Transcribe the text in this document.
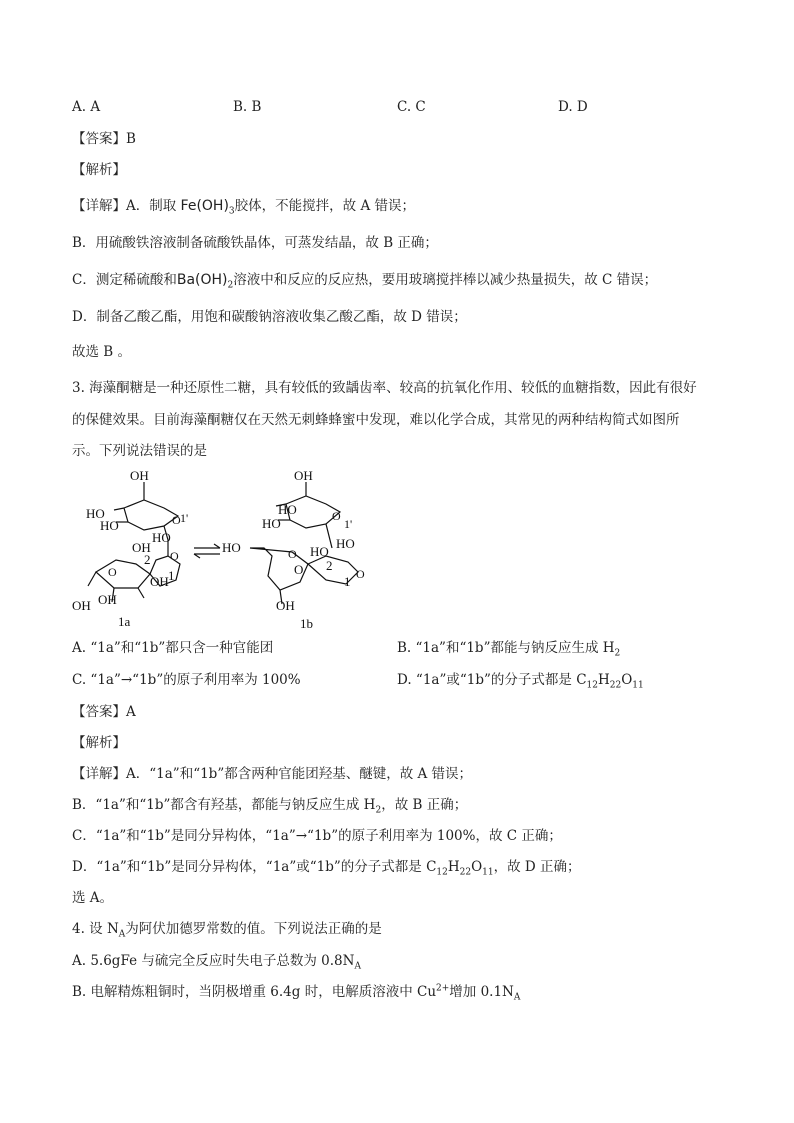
A. A	B. B	C. C	D. D
【答案】B
【解析】
【详解】A．制取 $Fe(OH)_3$胶体，不能搅拌，故 A 错误；
B．用硫酸铁溶液制备硫酸铁晶体，可蒸发结晶，故 B 正确；
C．测定稀硫酸和$Ba(OH)_2$溶液中和反应的反应热，要用玻璃搅拌棒以减少热量损失，故 C 错误；
D．制备乙酸乙酯，用饱和碳酸钠溶液收集乙酸乙酯，故 D 错误；
故选 B 。
3. 海藻酮糖是一种还原性二糖，具有较低的致龋齿率、较高的抗氧化作用、较低的血糖指数，因此有很好
的保健效果。目前海藻酮糖仅在天然无刺蜂蜂蜜中发现，难以化学合成，其常见的两种结构简式如图所
示。下列说法错误的是
OH
HO
HO	O 1'
HO
OH
2 O
O	1
OH
OH OH
1a
OH
HO
HO	O
1'
HO
HO
2
HO	O
O	O
1
OH
1b
A. “1a”和“1b”都只含一种官能团	B. “1a”和“1b”都能与钠反应生成 $H_2$
C. “1a”→“1b”的原子利用率为 100%	D. “1a”或“1b”的分子式都是 $C_{12}H_{22}O_{11}$
【答案】A
【解析】
【详解】A．“1a”和“1b”都含两种官能团羟基、醚键，故 A 错误；
B．“1a”和“1b”都含有羟基，都能与钠反应生成 $H_2$，故 B 正确；
C．“1a”和“1b”是同分异构体，“1a”→“1b”的原子利用率为 100%，故 C 正确；
D．“1a”和“1b”是同分异构体，“1a”或“1b”的分子式都是 $C_{12}H_{22}O_{11}$，故 D 正确；
选 A。
4. 设 $N_A$为阿伏加德罗常数的值。下列说法正确的是
A. 5.6gFe 与硫完全反应时失电子总数为 $0.8N_A$
B. 电解精炼粗铜时，当阴极增重 6.4g 时，电解质溶液中 $Cu^{2+}$增加 $0.1N_A$
